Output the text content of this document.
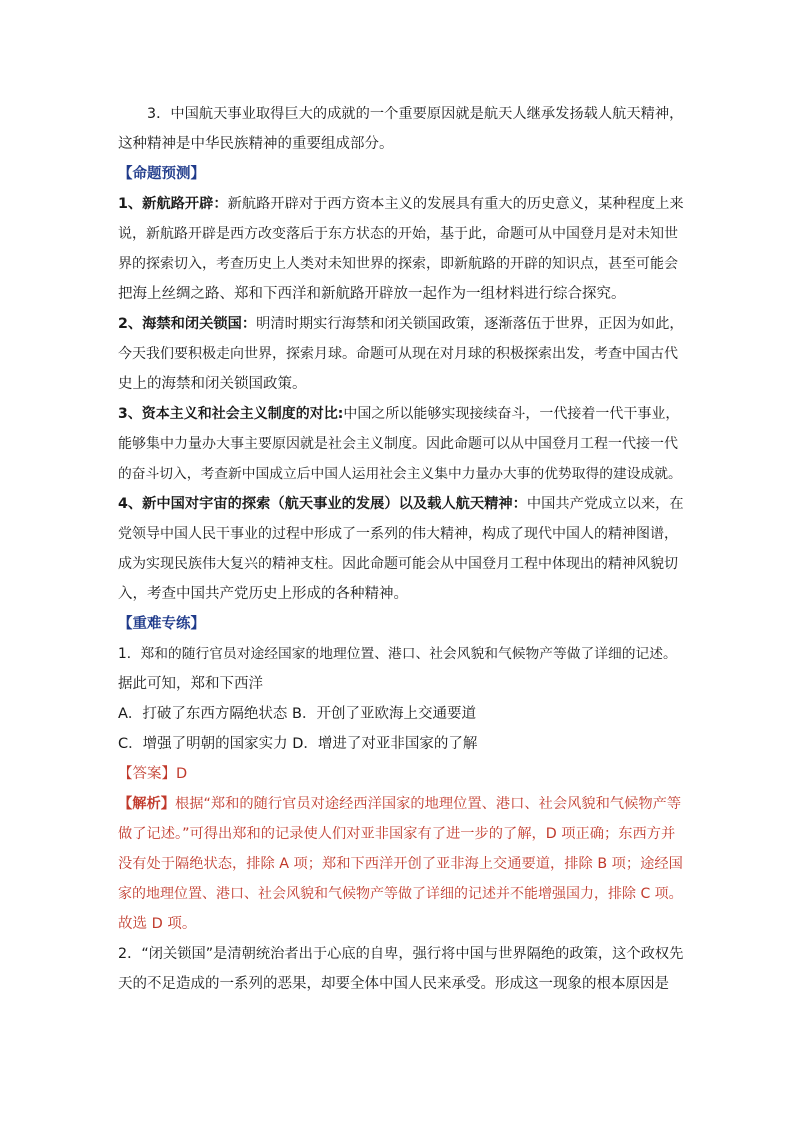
3．中国航天事业取得巨大的成就的一个重要原因就是航天人继承发扬载人航天精神，
这种精神是中华民族精神的重要组成部分。
【命题预测】
1、新航路开辟：新航路开辟对于西方资本主义的发展具有重大的历史意义，某种程度上来
说，新航路开辟是西方改变落后于东方状态的开始，基于此，命题可从中国登月是对未知世
界的探索切入，考查历史上人类对未知世界的探索，即新航路的开辟的知识点，甚至可能会
把海上丝绸之路、郑和下西洋和新航路开辟放一起作为一组材料进行综合探究。
2、海禁和闭关锁国：明清时期实行海禁和闭关锁国政策，逐渐落伍于世界，正因为如此，
今天我们要积极走向世界，探索月球。命题可从现在对月球的积极探索出发，考查中国古代
史上的海禁和闭关锁国政策。
3、资本主义和社会主义制度的对比:中国之所以能够实现接续奋斗，一代接着一代干事业，
能够集中力量办大事主要原因就是社会主义制度。因此命题可以从中国登月工程一代接一代
的奋斗切入，考查新中国成立后中国人运用社会主义集中力量办大事的优势取得的建设成就。
4、新中国对宇宙的探索（航天事业的发展）以及载人航天精神：中国共产党成立以来，在
党领导中国人民干事业的过程中形成了一系列的伟大精神，构成了现代中国人的精神图谱，
成为实现民族伟大复兴的精神支柱。因此命题可能会从中国登月工程中体现出的精神风貌切
入，考查中国共产党历史上形成的各种精神。
【重难专练】
1．郑和的随行官员对途经国家的地理位置、港口、社会风貌和气候物产等做了详细的记述。
据此可知，郑和下西洋
A．打破了东西方隔绝状态 B．开创了亚欧海上交通要道
C．增强了明朝的国家实力 D．增进了对亚非国家的了解
【答案】D
【解析】根据“郑和的随行官员对途经西洋国家的地理位置、港口、社会风貌和气候物产等
做了记述。”可得出郑和的记录使人们对亚非国家有了进一步的了解，D 项正确；东西方并
没有处于隔绝状态，排除 A 项；郑和下西洋开创了亚非海上交通要道，排除 B 项；途经国
家的地理位置、港口、社会风貌和气候物产等做了详细的记述并不能增强国力，排除 C 项。
故选 D 项。
2．“闭关锁国”是清朝统治者出于心底的自卑，强行将中国与世界隔绝的政策，这个政权先
天的不足造成的一系列的恶果，却要全体中国人民来承受。形成这一现象的根本原因是
